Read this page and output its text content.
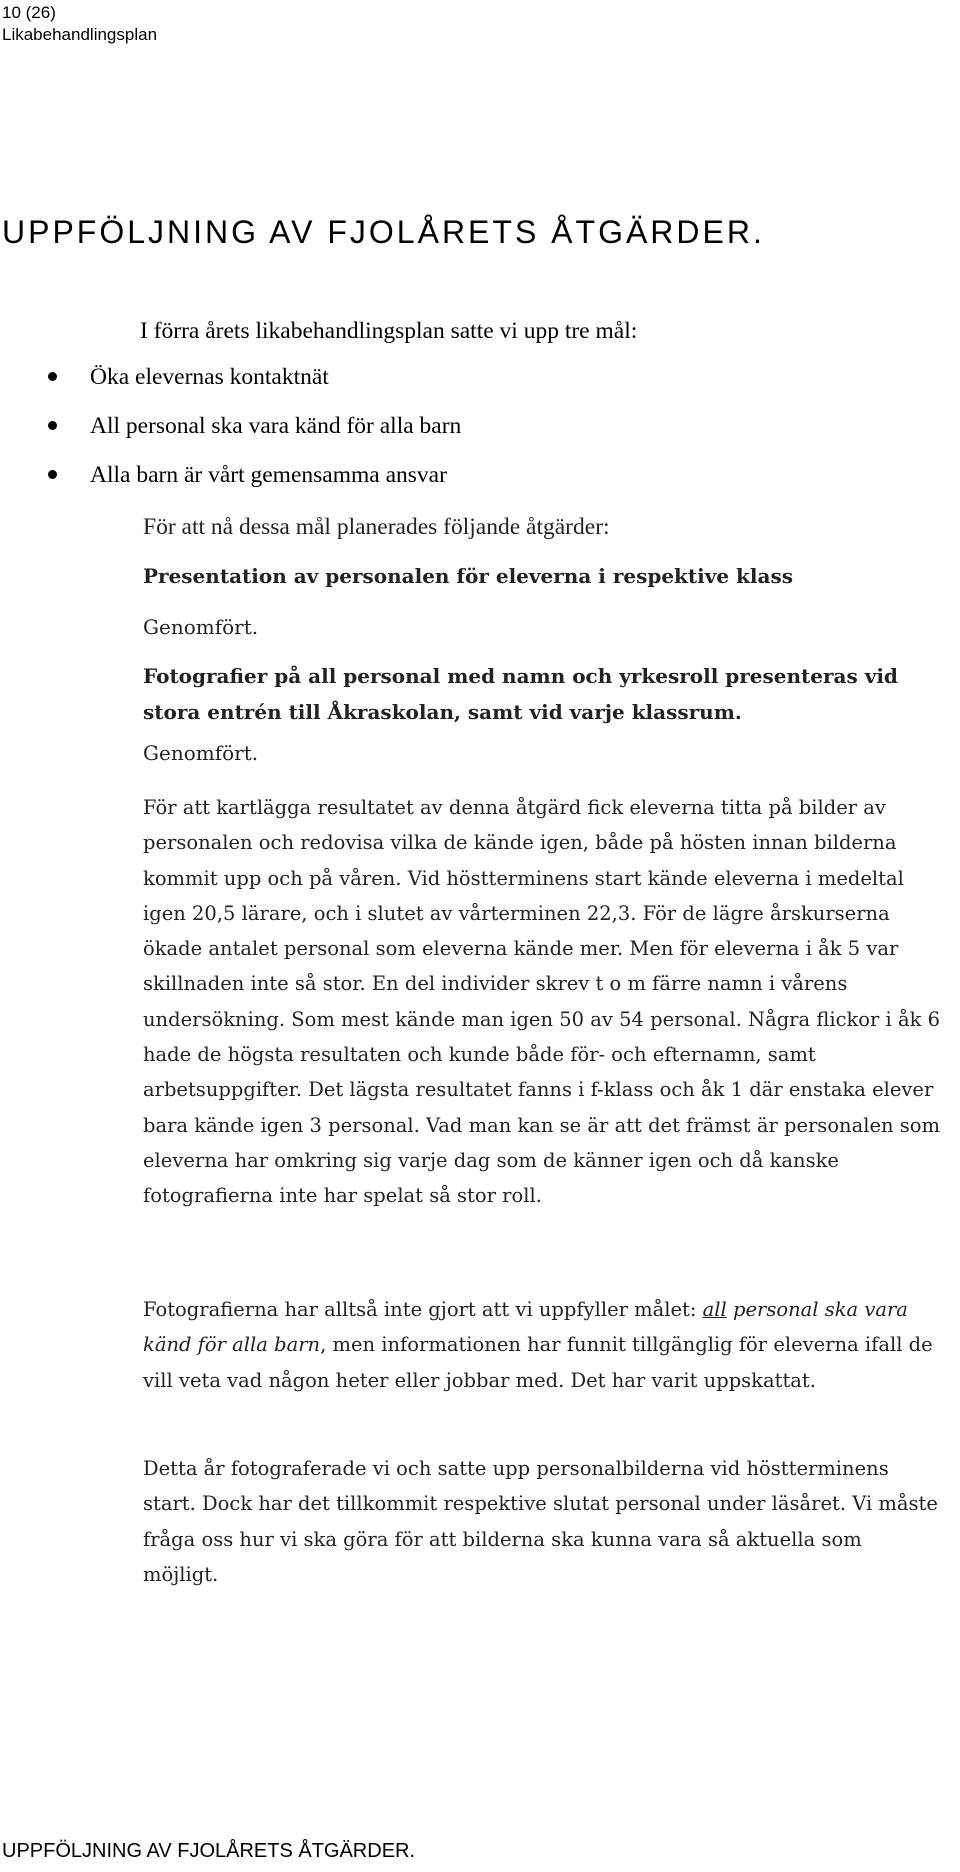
10 (26)
Likabehandlingsplan
UPPFÖLJNING AV FJOLÅRETS ÅTGÄRDER.
I förra årets likabehandlingsplan satte vi upp tre mål:
Öka elevernas kontaktnät
All personal ska vara känd för alla barn
Alla barn är vårt gemensamma ansvar
För att nå dessa mål planerades följande åtgärder:
Presentation av personalen för eleverna i respektive klass
Genomfört.
Fotografier på all personal med namn och yrkesroll presenteras vid stora entrén till Åkraskolan, samt vid varje klassrum.
Genomfört.
För att kartlägga resultatet av denna åtgärd fick eleverna titta på bilder av personalen och redovisa vilka de kände igen, både på hösten innan bilderna kommit upp och på våren. Vid höstterminens start kände eleverna i medeltal igen 20,5 lärare, och i slutet av vårterminen 22,3. För de lägre årskurserna ökade antalet personal som eleverna kände mer. Men för eleverna i åk 5 var skillnaden inte så stor. En del individer skrev t o m färre namn i vårens undersökning. Som mest kände man igen 50 av 54 personal. Några flickor i åk 6 hade de högsta resultaten och kunde både för- och efternamn, samt arbetsuppgifter. Det lägsta resultatet fanns i f-klass och åk 1 där enstaka elever bara kände igen 3 personal. Vad man kan se är att det främst är personalen som eleverna har omkring sig varje dag som de känner igen och då kanske fotografierna inte har spelat så stor roll.
Fotografierna har alltså inte gjort att vi uppfyller målet: all personal ska vara känd för alla barn, men informationen har funnit tillgänglig för eleverna ifall de vill veta vad någon heter eller jobbar med. Det har varit uppskattat.
Detta år fotograferade vi och satte upp personalbilderna vid höstterminens start. Dock har det tillkommit respektive slutat personal under läsåret. Vi måste fråga oss hur vi ska göra för att bilderna ska kunna vara så aktuella som möjligt.
UPPFÖLJNING AV FJOLÅRETS ÅTGÄRDER.
